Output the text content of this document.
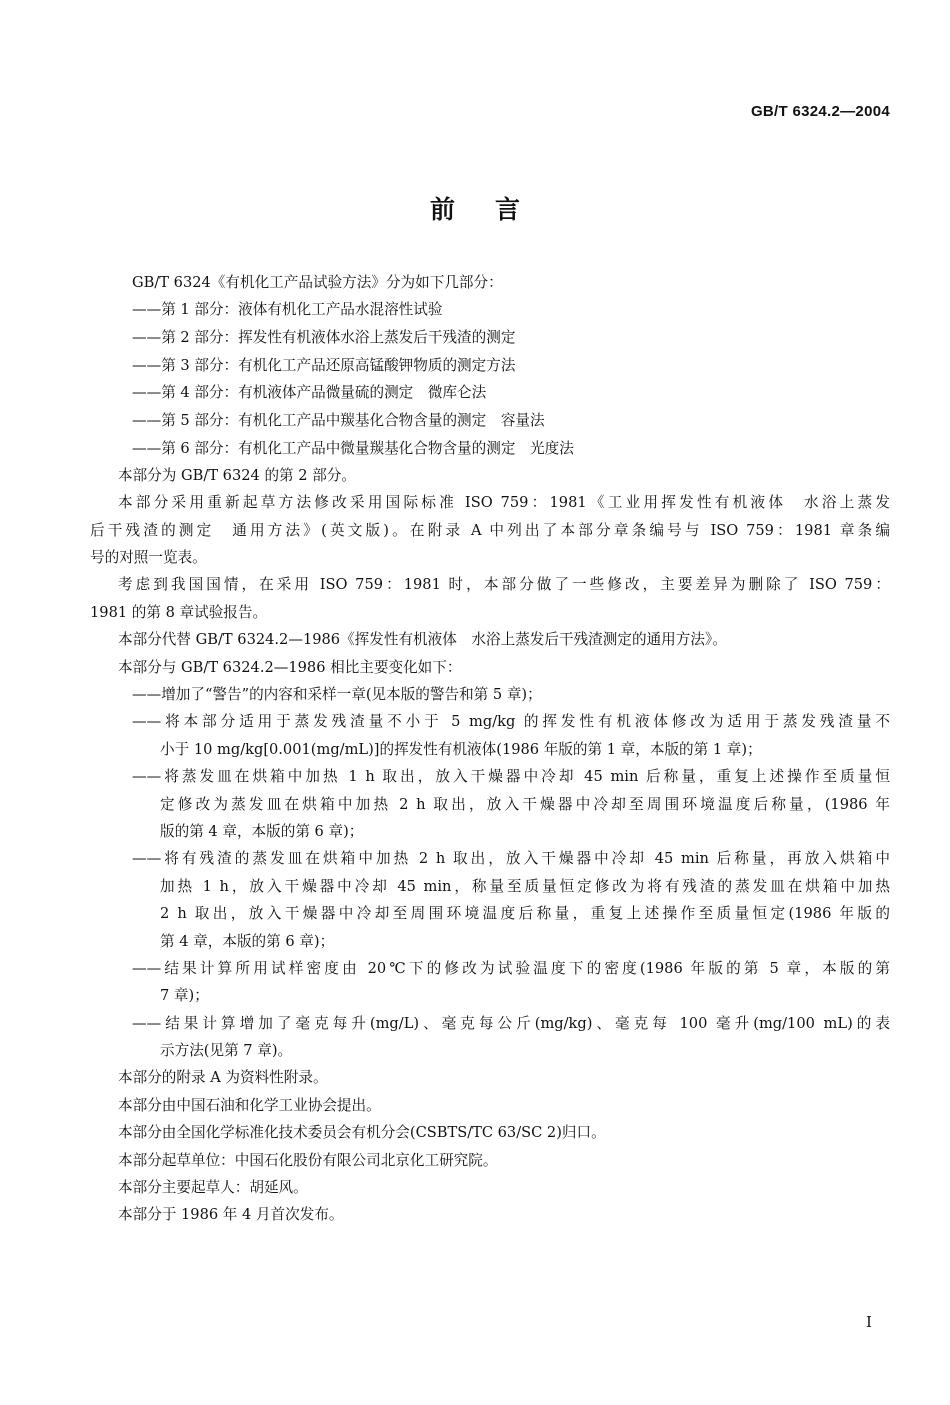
GB/T 6324.2—2004
前言
GB/T 6324《有机化工产品试验方法》分为如下几部分：
——第 1 部分：液体有机化工产品水混溶性试验
——第 2 部分：挥发性有机液体水浴上蒸发后干残渣的测定
——第 3 部分：有机化工产品还原高锰酸钾物质的测定方法
——第 4 部分：有机液体产品微量硫的测定　微库仑法
——第 5 部分：有机化工产品中羰基化合物含量的测定　容量法
——第 6 部分：有机化工产品中微量羰基化合物含量的测定　光度法
本部分为 GB/T 6324 的第 2 部分。
本部分采用重新起草方法修改采用国际标准 ISO 759：1981《工业用挥发性有机液体　水浴上蒸发
后干残渣的测定　通用方法》(英文版)。在附录 A 中列出了本部分章条编号与 ISO 759：1981 章条编
号的对照一览表。
考虑到我国国情，在采用 ISO 759：1981 时，本部分做了一些修改，主要差异为删除了 ISO 759：
1981 的第 8 章试验报告。
本部分代替 GB/T 6324.2—1986《挥发性有机液体　水浴上蒸发后干残渣测定的通用方法》。
本部分与 GB/T 6324.2—1986 相比主要变化如下：
——增加了“警告”的内容和采样一章(见本版的警告和第 5 章)；
——将本部分适用于蒸发残渣量不小于 5 mg/kg 的挥发性有机液体修改为适用于蒸发残渣量不
小于 10 mg/kg[0.001(mg/mL)]的挥发性有机液体(1986 年版的第 1 章，本版的第 1 章)；
——将蒸发皿在烘箱中加热 1 h 取出，放入干燥器中冷却 45 min 后称量，重复上述操作至质量恒
定修改为蒸发皿在烘箱中加热 2 h 取出，放入干燥器中冷却至周围环境温度后称量，(1986 年
版的第 4 章，本版的第 6 章)；
——将有残渣的蒸发皿在烘箱中加热 2 h 取出，放入干燥器中冷却 45 min 后称量，再放入烘箱中
加热 1 h，放入干燥器中冷却 45 min，称量至质量恒定修改为将有残渣的蒸发皿在烘箱中加热
2 h 取出，放入干燥器中冷却至周围环境温度后称量，重复上述操作至质量恒定(1986 年版的
第 4 章，本版的第 6 章)；
——结果计算所用试样密度由 20℃下的修改为试验温度下的密度(1986 年版的第 5 章，本版的第
7 章)；
——结果计算增加了毫克每升(mg/L)、毫克每公斤(mg/kg)、毫克每 100 毫升(mg/100 mL)的表
示方法(见第 7 章)。
本部分的附录 A 为资料性附录。
本部分由中国石油和化学工业协会提出。
本部分由全国化学标准化技术委员会有机分会(CSBTS/TC 63/SC 2)归口。
本部分起草单位：中国石化股份有限公司北京化工研究院。
本部分主要起草人：胡延风。
本部分于 1986 年 4 月首次发布。
I
